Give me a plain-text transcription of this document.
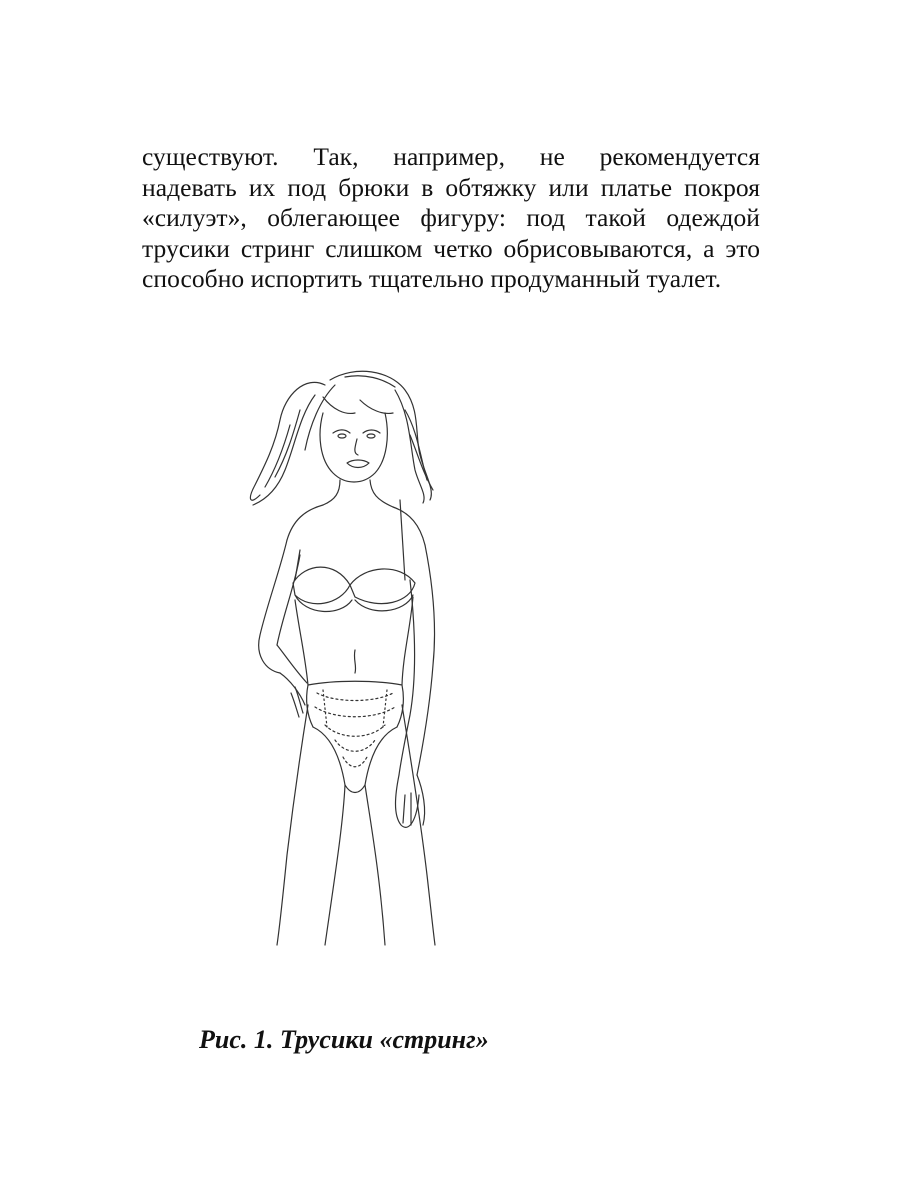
существуют. Так, например, не рекомендуется
надевать их под брюки в обтяжку или платье покроя
«силуэт», облегающее фигуру: под такой одеждой
трусики стринг слишком четко обрисовываются, а это
способно испортить тщательно продуманный туалет.

Рис. 1. Трусики «стринг»
